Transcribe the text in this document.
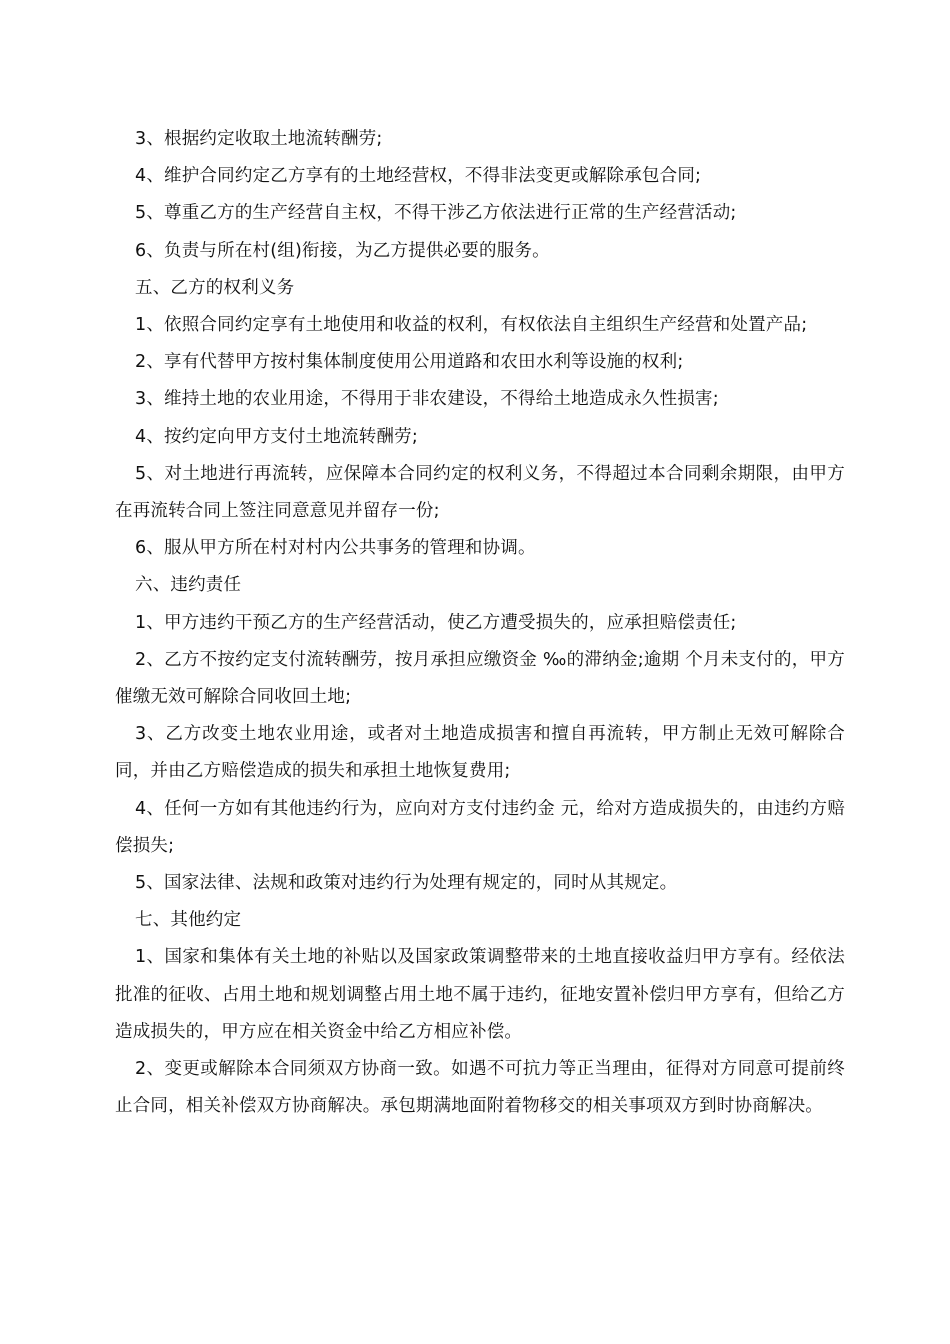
3、根据约定收取土地流转酬劳;

4、维护合同约定乙方享有的土地经营权，不得非法变更或解除承包合同;

5、尊重乙方的生产经营自主权，不得干涉乙方依法进行正常的生产经营活动;

6、负责与所在村(组)衔接，为乙方提供必要的服务。

五、乙方的权利义务

1、依照合同约定享有土地使用和收益的权利，有权依法自主组织生产经营和处置产品;

2、享有代替甲方按村集体制度使用公用道路和农田水利等设施的权利;

3、维持土地的农业用途，不得用于非农建设，不得给土地造成永久性损害;

4、按约定向甲方支付土地流转酬劳;

5、对土地进行再流转，应保障本合同约定的权利义务，不得超过本合同剩余期限，由甲方在再流转合同上签注同意意见并留存一份;

6、服从甲方所在村对村内公共事务的管理和协调。

六、违约责任

1、甲方违约干预乙方的生产经营活动，使乙方遭受损失的，应承担赔偿责任;

2、乙方不按约定支付流转酬劳，按月承担应缴资金 ‰的滞纳金;逾期 个月未支付的，甲方催缴无效可解除合同收回土地;

3、乙方改变土地农业用途，或者对土地造成损害和擅自再流转，甲方制止无效可解除合同，并由乙方赔偿造成的损失和承担土地恢复费用;

4、任何一方如有其他违约行为，应向对方支付违约金 元，给对方造成损失的，由违约方赔偿损失;

5、国家法律、法规和政策对违约行为处理有规定的，同时从其规定。

七、其他约定

1、国家和集体有关土地的补贴以及国家政策调整带来的土地直接收益归甲方享有。经依法批准的征收、占用土地和规划调整占用土地不属于违约，征地安置补偿归甲方享有，但给乙方造成损失的，甲方应在相关资金中给乙方相应补偿。

2、变更或解除本合同须双方协商一致。如遇不可抗力等正当理由，征得对方同意可提前终止合同，相关补偿双方协商解决。承包期满地面附着物移交的相关事项双方到时协商解决。
